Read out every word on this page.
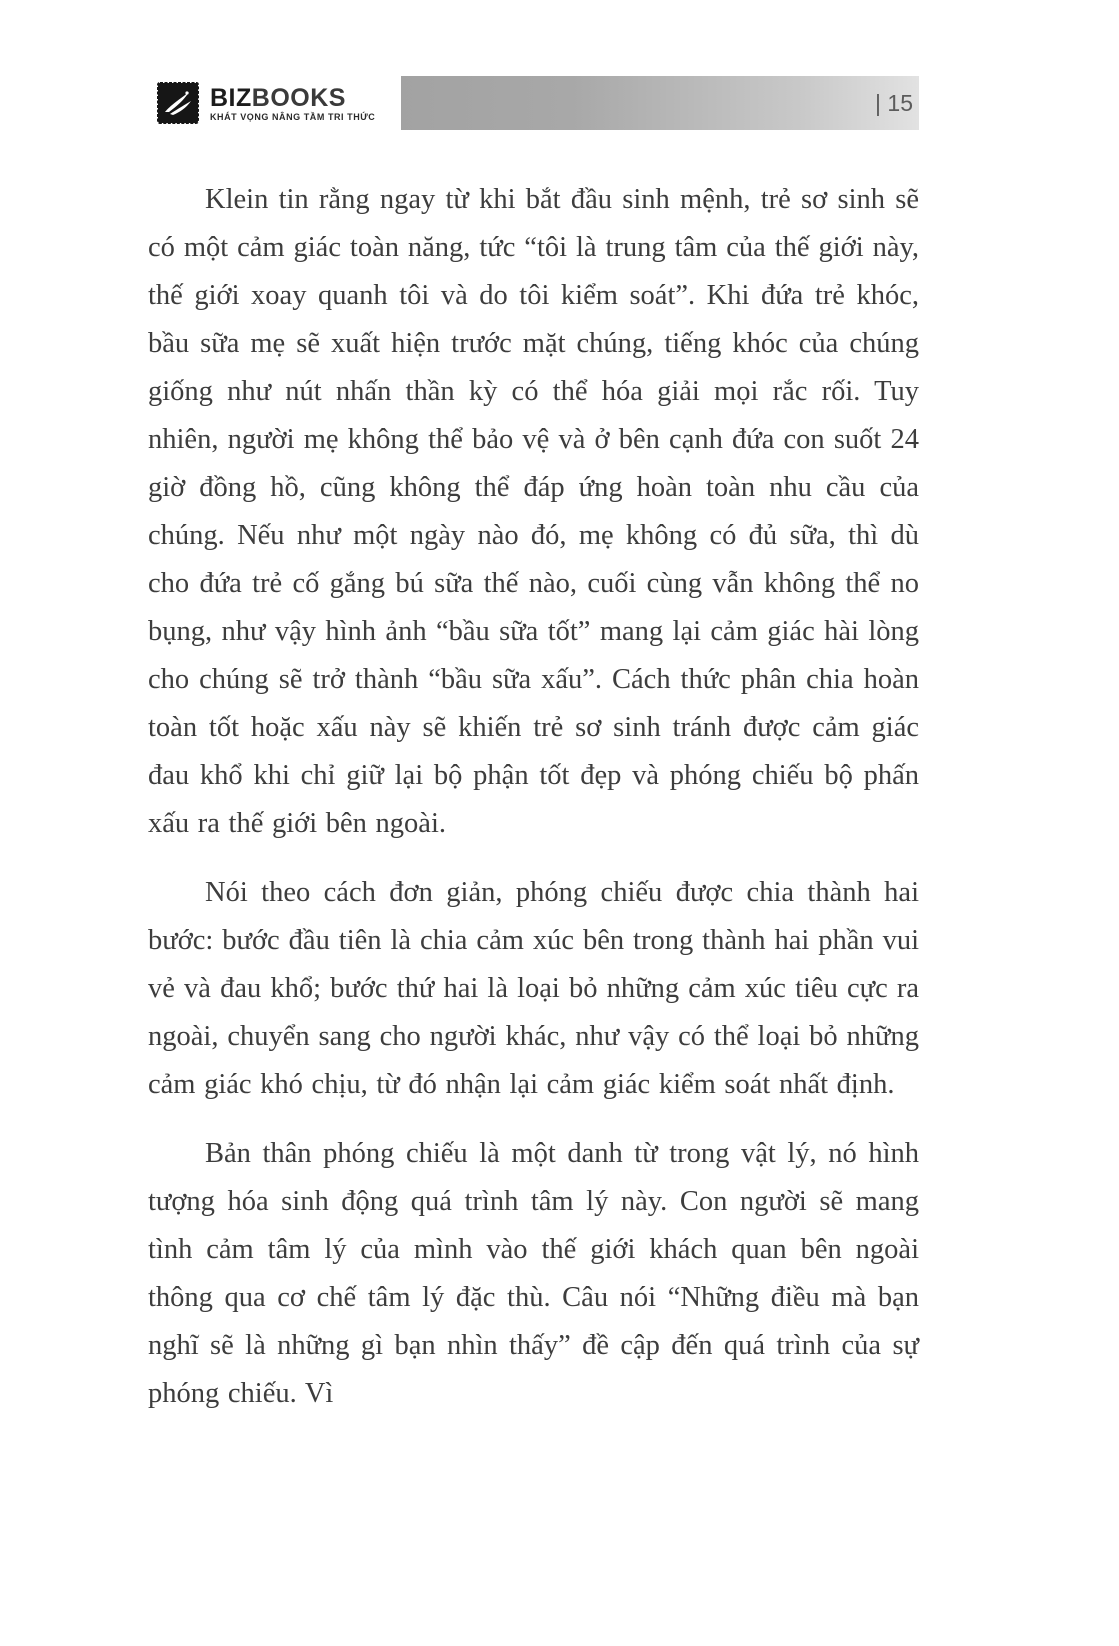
BIZBOOKS
KHÁT VỌNG NÂNG TẦM TRI THỨC
| 15

Klein tin rằng ngay từ khi bắt đầu sinh mệnh, trẻ sơ sinh sẽ có một cảm giác toàn năng, tức “tôi là trung tâm của thế giới này, thế giới xoay quanh tôi và do tôi kiểm soát”. Khi đứa trẻ khóc, bầu sữa mẹ sẽ xuất hiện trước mặt chúng, tiếng khóc của chúng giống như nút nhấn thần kỳ có thể hóa giải mọi rắc rối. Tuy nhiên, người mẹ không thể bảo vệ và ở bên cạnh đứa con suốt 24 giờ đồng hồ, cũng không thể đáp ứng hoàn toàn nhu cầu của chúng. Nếu như một ngày nào đó, mẹ không có đủ sữa, thì dù cho đứa trẻ cố gắng bú sữa thế nào, cuối cùng vẫn không thể no bụng, như vậy hình ảnh “bầu sữa tốt” mang lại cảm giác hài lòng cho chúng sẽ trở thành “bầu sữa xấu”. Cách thức phân chia hoàn toàn tốt hoặc xấu này sẽ khiến trẻ sơ sinh tránh được cảm giác đau khổ khi chỉ giữ lại bộ phận tốt đẹp và phóng chiếu bộ phấn xấu ra thế giới bên ngoài.

Nói theo cách đơn giản, phóng chiếu được chia thành hai bước: bước đầu tiên là chia cảm xúc bên trong thành hai phần vui vẻ và đau khổ; bước thứ hai là loại bỏ những cảm xúc tiêu cực ra ngoài, chuyển sang cho người khác, như vậy có thể loại bỏ những cảm giác khó chịu, từ đó nhận lại cảm giác kiểm soát nhất định.

Bản thân phóng chiếu là một danh từ trong vật lý, nó hình tượng hóa sinh động quá trình tâm lý này. Con người sẽ mang tình cảm tâm lý của mình vào thế giới khách quan bên ngoài thông qua cơ chế tâm lý đặc thù. Câu nói “Những điều mà bạn nghĩ sẽ là những gì bạn nhìn thấy” đề cập đến quá trình của sự phóng chiếu. Vì
